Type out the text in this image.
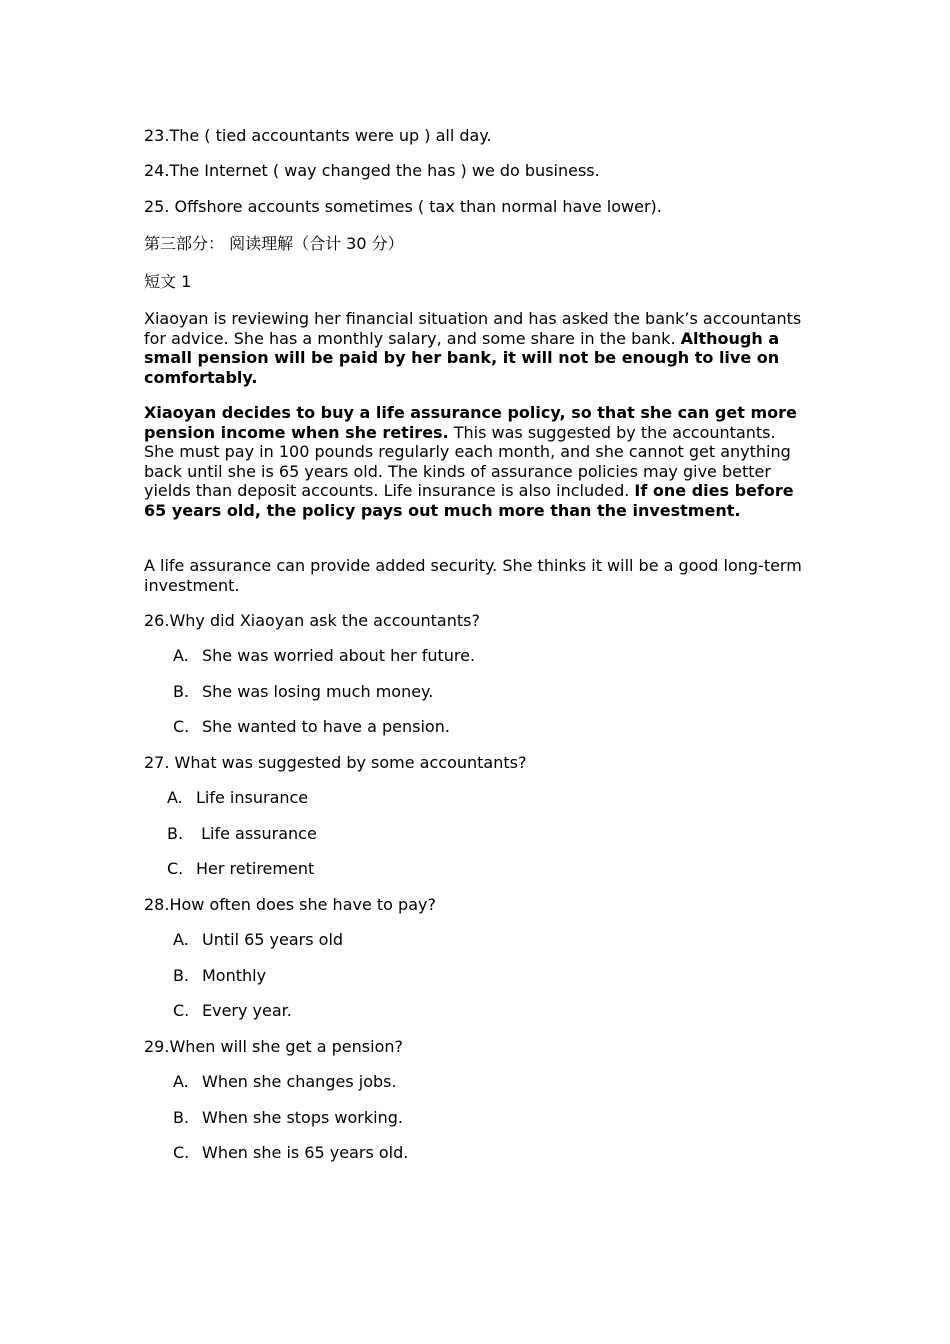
23.The ( tied accountants were up ) all day.
24.The Internet ( way changed the has ) we do business.
25. Offshore accounts sometimes ( tax than normal have lower).
第三部分： 阅读理解（合计 30 分）
短文 1
Xiaoyan is reviewing her financial situation and has asked the bank’s accountants for advice. She has a monthly salary, and some share in the bank. Although a small pension will be paid by her bank, it will not be enough to live on comfortably.
Xiaoyan decides to buy a life assurance policy, so that she can get more pension income when she retires. This was suggested by the accountants. She must pay in 100 pounds regularly each month, and she cannot get anything back until she is 65 years old. The kinds of assurance policies may give better yields than deposit accounts. Life insurance is also included. If one dies before 65 years old, the policy pays out much more than the investment.
A life assurance can provide added security. She thinks it will be a good long-term investment.
26.Why did Xiaoyan ask the accountants?
A. She was worried about her future.
B. She was losing much money.
C. She wanted to have a pension.
27. What was suggested by some accountants?
A. Life insurance
B. Life assurance
C. Her retirement
28.How often does she have to pay?
A. Until 65 years old
B. Monthly
C. Every year.
29.When will she get a pension?
A. When she changes jobs.
B. When she stops working.
C. When she is 65 years old.
